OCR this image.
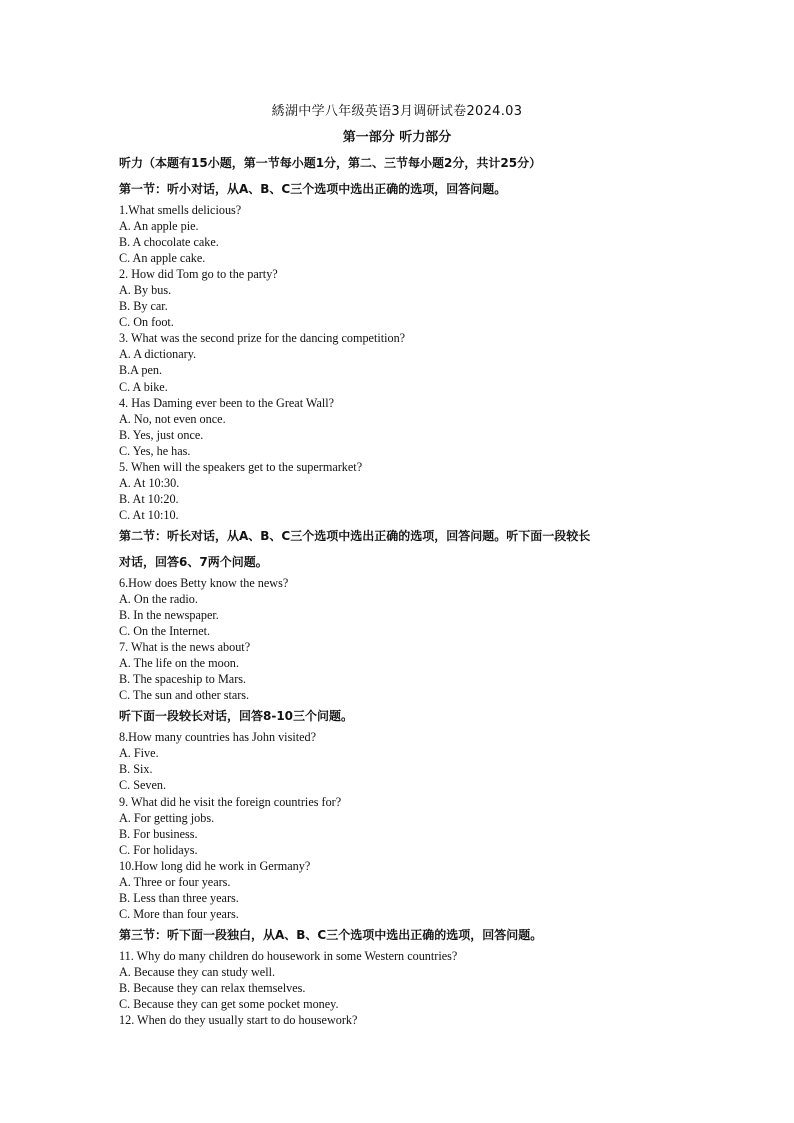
綉湖中学八年级英语3月调研试卷2024.03
第一部分 听力部分
听力（本题有15小题，第一节每小题1分，第二、三节每小题2分，共计25分）
第一节：听小对话，从A、B、C三个选项中选出正确的选项，回答问题。
1.What smells delicious?
A. An apple pie.
B. A chocolate cake.
C. An apple cake.
2. How did Tom go to the party?
A. By bus.
B. By car.
C. On foot.
3. What was the second prize for the dancing competition?
A. A dictionary.
B.A pen.
C. A bike.
4. Has Daming ever been to the Great Wall?
A. No, not even once.
B. Yes, just once.
C. Yes, he has.
5. When will the speakers get to the supermarket?
A. At 10:30.
B. At 10:20.
C. At 10:10.
第二节：听长对话，从A、B、C三个选项中选出正确的选项，回答问题。听下面一段较长
对话，回答6、7两个问题。
6.How does Betty know the news?
A. On the radio.
B. In the newspaper.
C. On the Internet.
7. What is the news about?
A. The life on the moon.
B. The spaceship to Mars.
C. The sun and other stars.
听下面一段较长对话，回答8-10三个问题。
8.How many countries has John visited?
A. Five.
B. Six.
C. Seven.
9. What did he visit the foreign countries for?
A. For getting jobs.
B. For business.
C. For holidays.
10.How long did he work in Germany?
A. Three or four years.
B. Less than three years.
C. More than four years.
第三节：听下面一段独白，从A、B、C三个选项中选出正确的选项，回答问题。
11. Why do many children do housework in some Western countries?
A. Because they can study well.
B. Because they can relax themselves.
C. Because they can get some pocket money.
12. When do they usually start to do housework?
